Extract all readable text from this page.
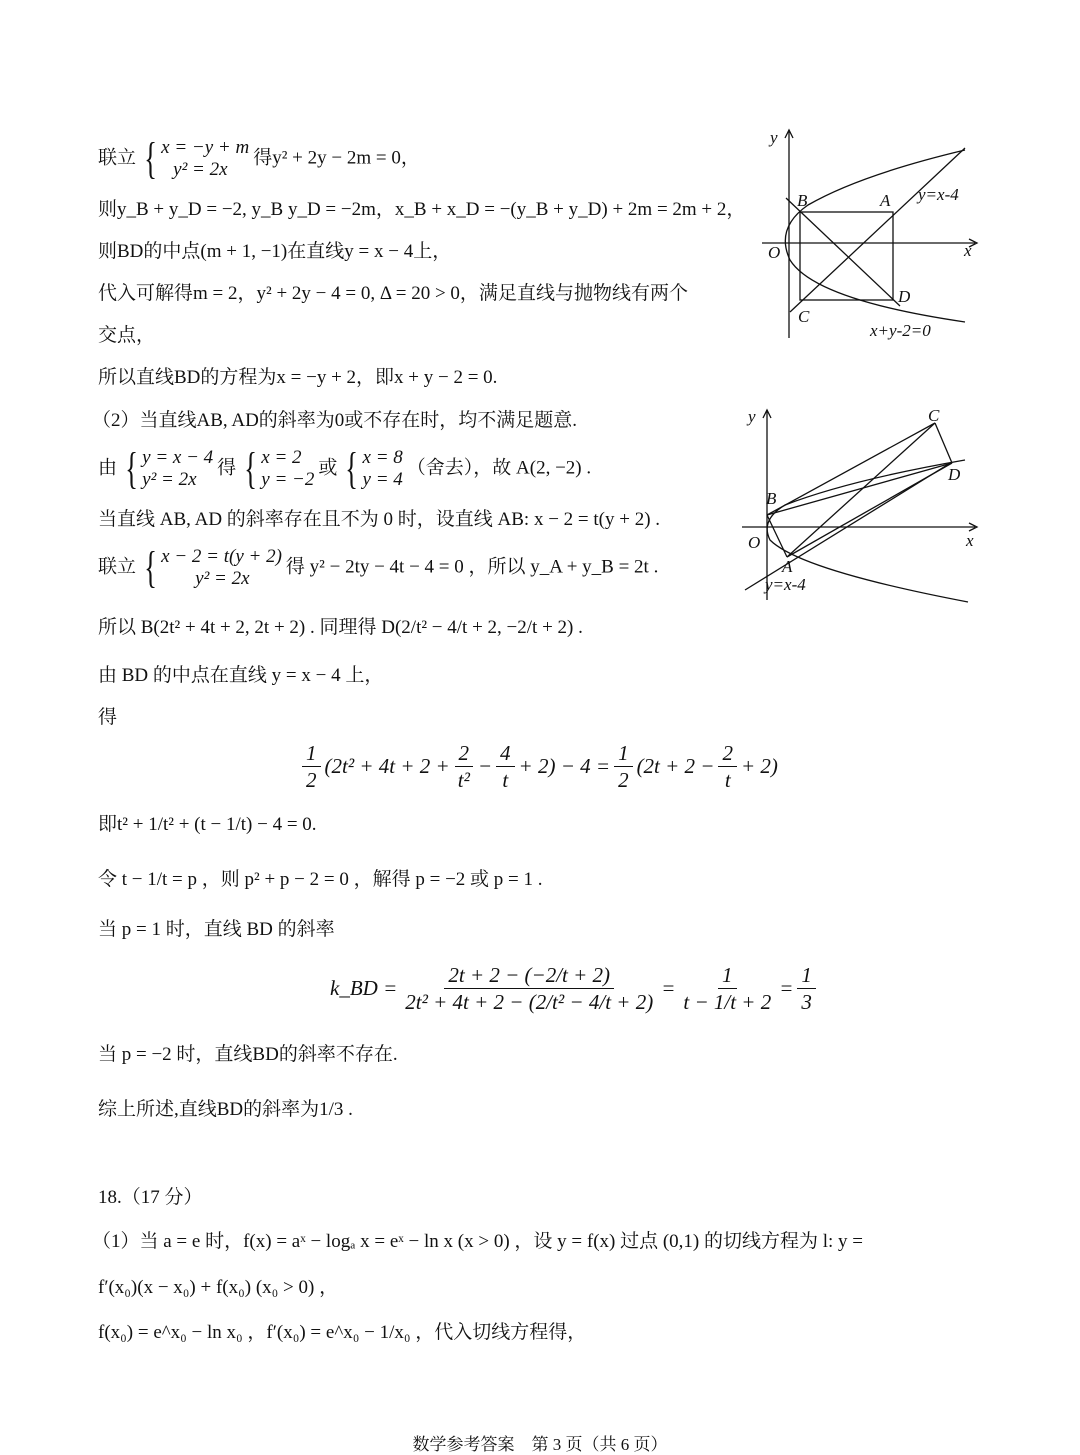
联立 { x = −y + m
y² = 2x
得y² + 2y − 2m = 0，
则y_B + y_D = −2, y_B y_D = −2m，x_B + x_D = −(y_B + y_D) + 2m = 2m + 2，
则BD的中点(m + 1, −1)在直线y = x − 4上，
代入可解得m = 2，y² + 2y − 4 = 0, Δ = 20 > 0，满足直线与抛物线有两个
交点，
所以直线BD的方程为x = −y + 2，即x + y − 2 = 0.
（2）当直线AB, AD的斜率为0或不存在时，均不满足题意.
由 { y = x − 4
y² = 2x
得 { x = 2
y = −2
或 { x = 8
y = 4
（舍去），故 A(2, −2) .
当直线 AB, AD 的斜率存在且不为 0 时，设直线 AB: x − 2 = t(y + 2) .
联立 { x − 2 = t(y + 2)
y² = 2x
得 y² − 2ty − 4t − 4 = 0 ，所以 y_A + y_B = 2t .
所以 B(2t² + 4t + 2, 2t + 2) . 同理得 D(2/t² − 4/t + 2, −2/t + 2) .
由 BD 的中点在直线 y = x − 4 上，
得
$\frac{1}{2} (2t^2 + 4t + 2 + \frac{2}{\text{t²}} - \frac{4}{t} + 2) - 4 = \frac{1}{2} (2t + 2 - \frac{2}{t} + 2)$
即t² + 1/t² + (t − 1/t) − 4 = 0.
令 t − 1/t = p ，则 p² + p − 2 = 0 ，解得 p = −2 或 p = 1 .
当 p = 1 时，直线 BD 的斜率
k_BD = $\frac{2t + 2 - (-2/t + 2)}{\text{2t² + 4t + 2 − (2/t² − 4/t + 2)}} = \frac{1}{t - 1/t + 2} = \frac{1}{3}$
当 p = −2 时，直线BD的斜率不存在.
综上所述,直线BD的斜率为1/3 .
18.（17 分）
（1）当 a = e 时，f(x) = aˣ − logₐ x = eˣ − ln x (x > 0) ，设 y = f(x) 过点 (0,1) 的切线方程为 l: y =
f′(x₀)(x − x₀) + f(x₀) (x₀ > 0) ，
f(x₀) = e^x₀ − ln x₀ ，f′(x₀) = e^x₀ − 1/x₀ ，代入切线方程得，
y
x
O
B	A
C
D
y=x-4
x+y-2=0
y
x
O
B
A
C
D
y=x-4
数学参考答案　第 3 页（共 6 页）
